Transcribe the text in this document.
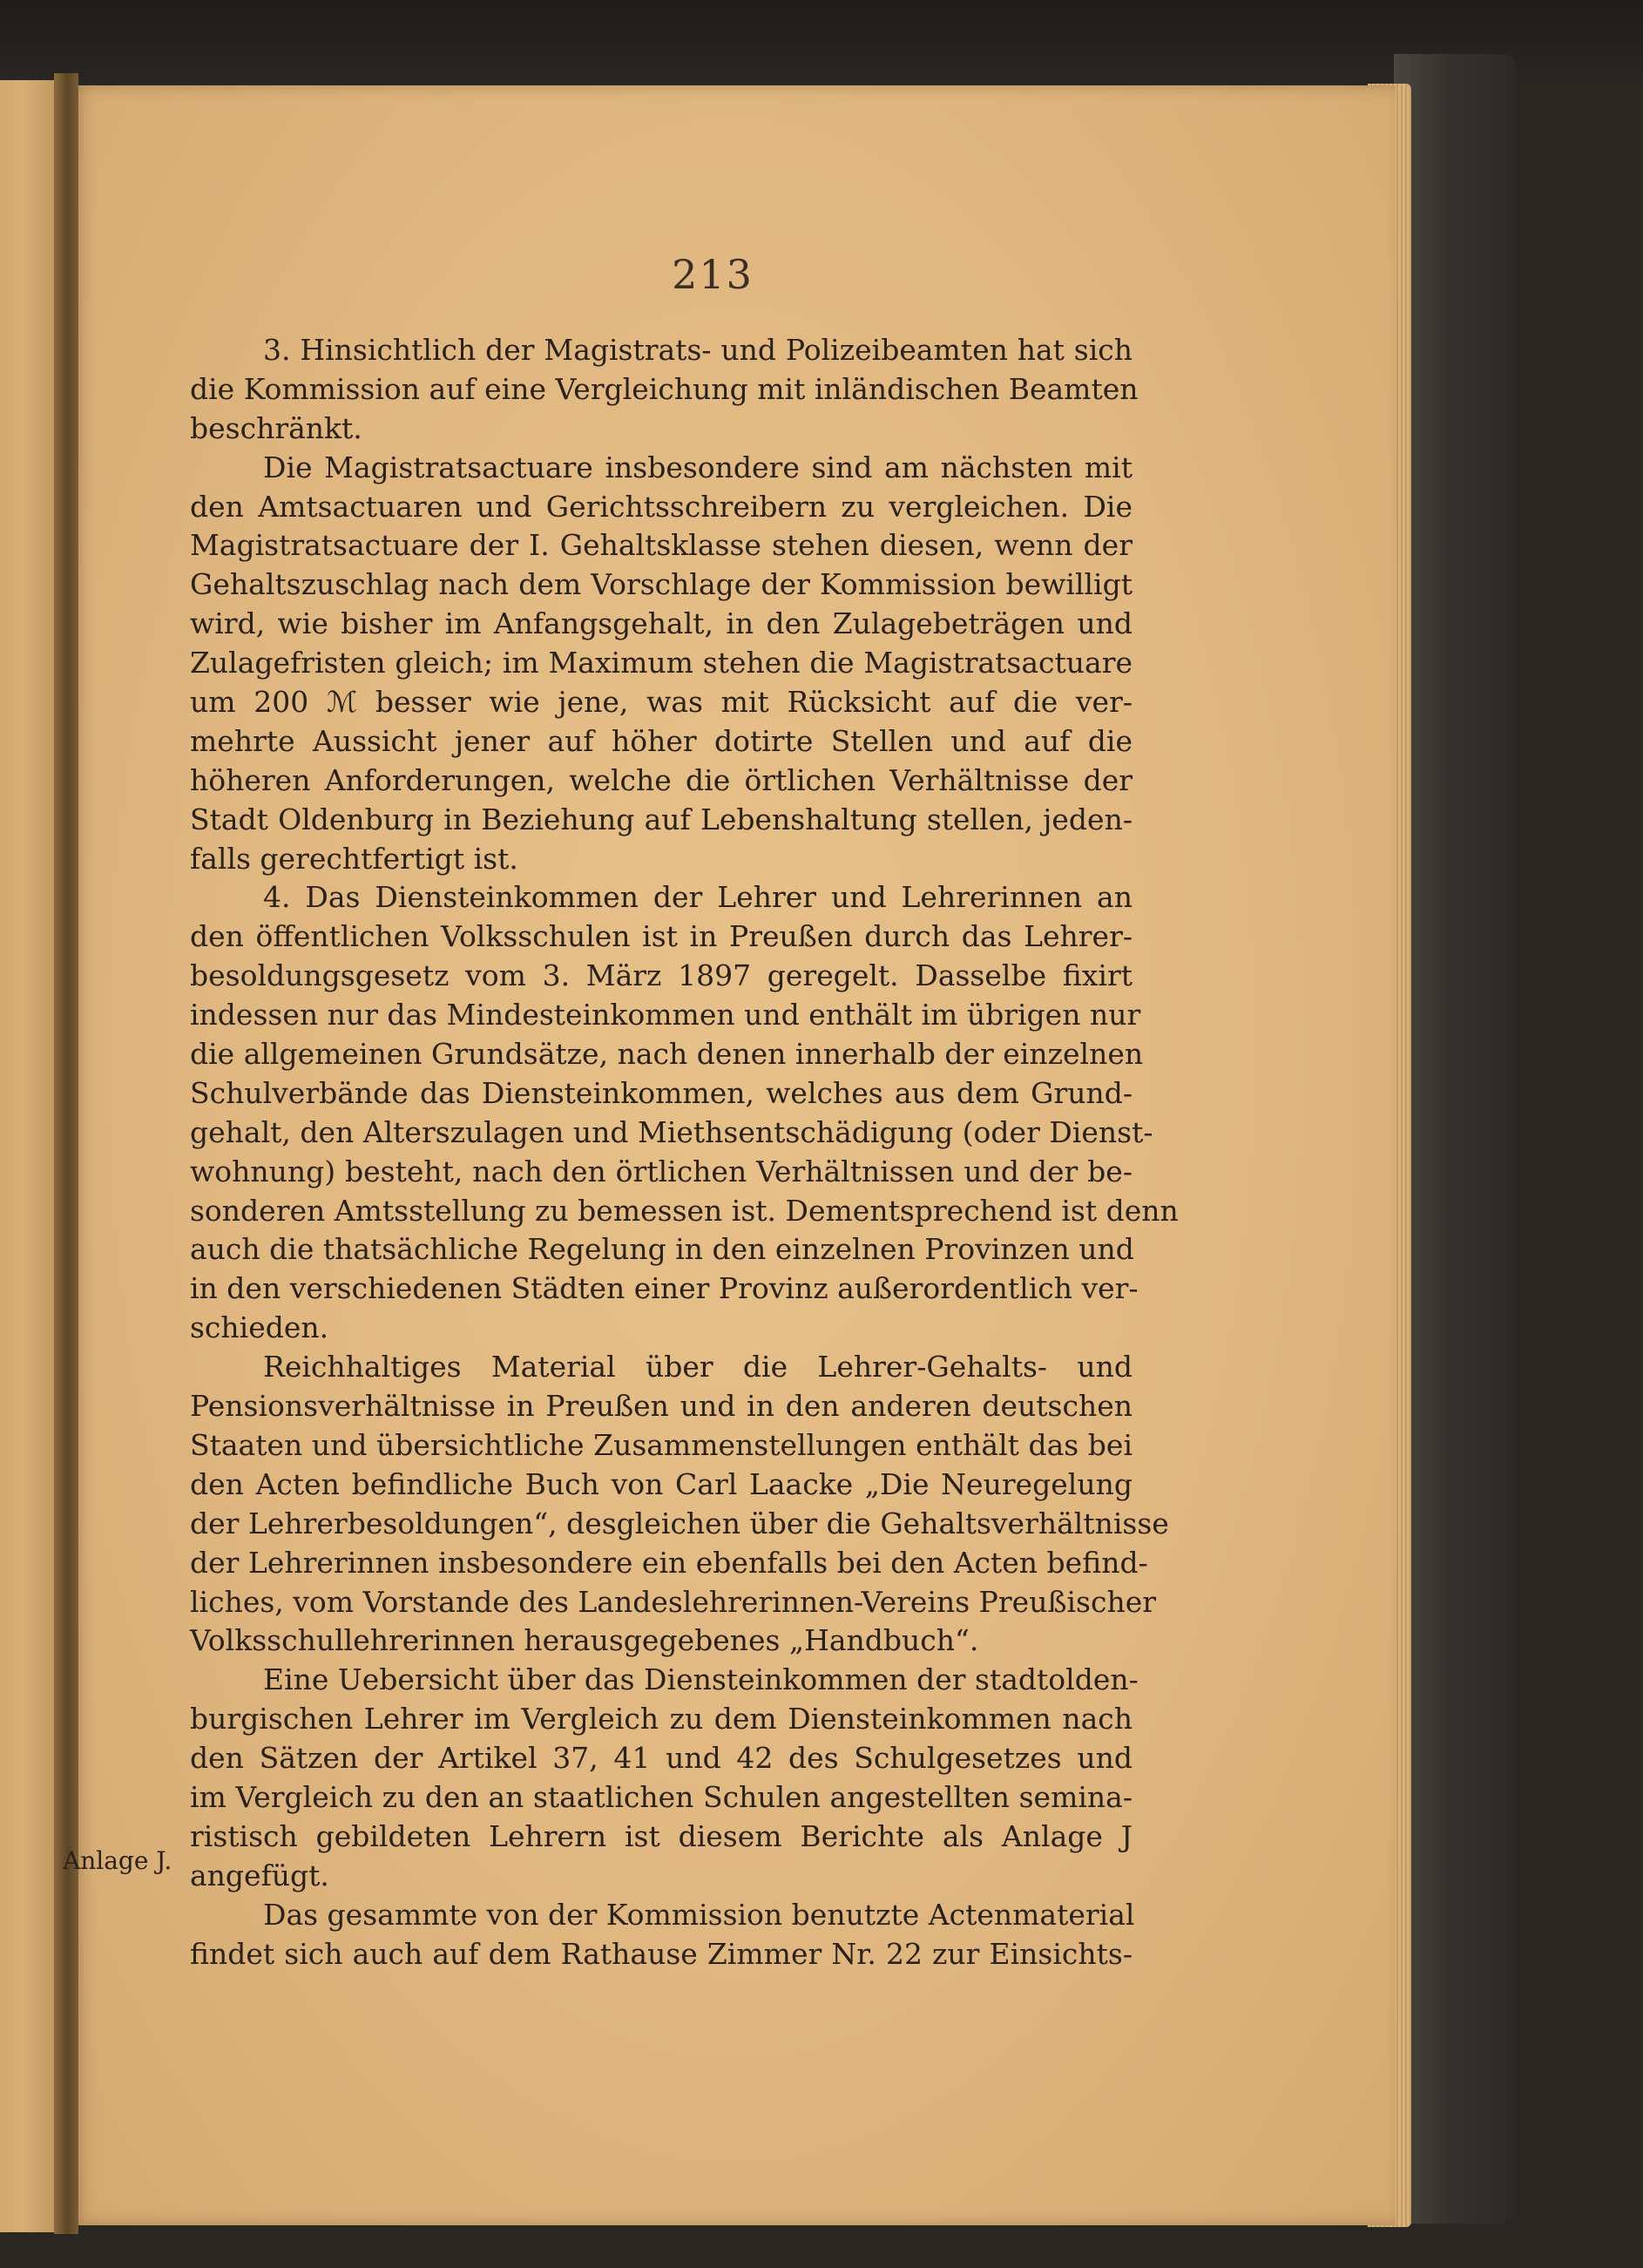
213
3. Hinsichtlich der Magistrats- und Polizeibeamten hat sich
die Kommission auf eine Vergleichung mit inländischen Beamten
beschränkt.
Die Magistratsactuare insbesondere sind am nächsten mit
den Amtsactuaren und Gerichtsschreibern zu vergleichen. Die
Magistratsactuare der I. Gehaltsklasse stehen diesen, wenn der
Gehaltszuschlag nach dem Vorschlage der Kommission bewilligt
wird, wie bisher im Anfangsgehalt, in den Zulagebeträgen und
Zulagefristen gleich; im Maximum stehen die Magistratsactuare
um 200 ℳ besser wie jene, was mit Rücksicht auf die ver-
mehrte Aussicht jener auf höher dotirte Stellen und auf die
höheren Anforderungen, welche die örtlichen Verhältnisse der
Stadt Oldenburg in Beziehung auf Lebenshaltung stellen, jeden-
falls gerechtfertigt ist.
4. Das Diensteinkommen der Lehrer und Lehrerinnen an
den öffentlichen Volksschulen ist in Preußen durch das Lehrer-
besoldungsgesetz vom 3. März 1897 geregelt. Dasselbe fixirt
indessen nur das Mindesteinkommen und enthält im übrigen nur
die allgemeinen Grundsätze, nach denen innerhalb der einzelnen
Schulverbände das Diensteinkommen, welches aus dem Grund-
gehalt, den Alterszulagen und Miethsentschädigung (oder Dienst-
wohnung) besteht, nach den örtlichen Verhältnissen und der be-
sonderen Amtsstellung zu bemessen ist. Dementsprechend ist denn
auch die thatsächliche Regelung in den einzelnen Provinzen und
in den verschiedenen Städten einer Provinz außerordentlich ver-
schieden.
Reichhaltiges Material über die Lehrer-Gehalts- und
Pensionsverhältnisse in Preußen und in den anderen deutschen
Staaten und übersichtliche Zusammenstellungen enthält das bei
den Acten befindliche Buch von Carl Laacke „Die Neuregelung
der Lehrerbesoldungen“, desgleichen über die Gehaltsverhältnisse
der Lehrerinnen insbesondere ein ebenfalls bei den Acten befind-
liches, vom Vorstande des Landeslehrerinnen-Vereins Preußischer
Volksschullehrerinnen herausgegebenes „Handbuch“.
Eine Uebersicht über das Diensteinkommen der stadtolden-
burgischen Lehrer im Vergleich zu dem Diensteinkommen nach
den Sätzen der Artikel 37, 41 und 42 des Schulgesetzes und
im Vergleich zu den an staatlichen Schulen angestellten semina-
ristisch gebildeten Lehrern ist diesem Berichte als Anlage J
angefügt.
Das gesammte von der Kommission benutzte Actenmaterial
findet sich auch auf dem Rathause Zimmer Nr. 22 zur Einsichts-
Anlage J.
